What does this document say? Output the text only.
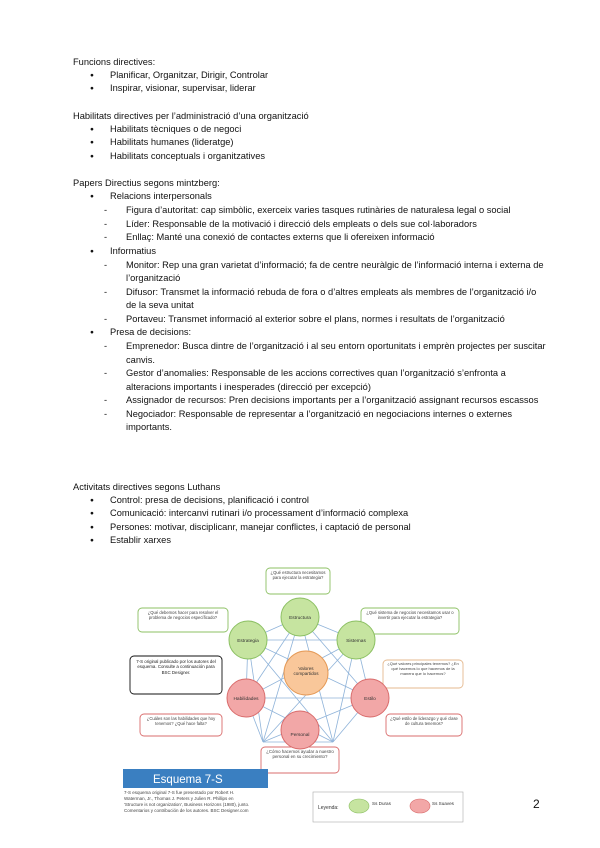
Funcions directives:
● Planificar, Organitzar, Dirigir, Controlar
● Inspirar, visionar, supervisar, liderar
Habilitats directives per l’administració d’una organització
● Habilitats tècniques o de negoci
● Habilitats humanes (lideratge)
● Habilitats conceptuals i organitzatives
Papers Directius segons mintzberg:
● Relacions interpersonals
- Figura d’autoritat: cap simbòlic, exerceix varies tasques rutinàries de naturalesa legal o social
- Líder: Responsable de la motivació i direcció dels empleats o dels sue col·laboradors
- Enllaç: Manté una conexió de contactes externs que li ofereixen informació
● Informatius
- Monitor: Rep una gran varietat d’informació; fa de centre neuràlgic de l’informació interna i externa de l’organització
- Difusor: Transmet la informació rebuda de fora o d’altres empleats als membres de l’organització i/o de la seva unitat
- Portaveu: Transmet informació al exterior sobre el plans, normes i resultats de l’organització
● Presa de decisions:
- Emprenedor: Busca dintre de l’organització i al seu entorn oportunitats i emprèn projectes per suscitar canvis.
- Gestor d’anomalies: Responsable de les accions correctives quan l’organització s’enfronta a alteracions importants i inesperades (direcció per excepció)
- Assignador de recursos: Pren decisions importants per a l’organització assignant recursos escassos
- Negociador: Responsable de representar a l’organització en negociacions internes o externes importants.
Activitats directives segons Luthans
● Control: presa de decisions, planificació i control
● Comunicació: intercanvi rutinari i/o processament d’informació complexa
● Persones: motivar, disciplicanr, manejar conflictes, i captació de personal
● Establir xarxes
¿Qué estructura necesitamos para ejecutar la estrategia?
¿Qué debemos hacer para resolver el problema de negocios específicado?
¿Qué sistema de negocios necesitamos usar o invertir para ejecutar la estrategia?
7-S original publicado por los autores del esquema. Consulte a continuación para BSC Designer.
¿Qué valores principales tenemos? ¿En qué hacemos lo que hacemos de la manera que lo hacemos?
¿Cuáles son las habilidades que hoy tenemos? ¿Qué hace falta?
¿Qué estilo de liderazgo y qué clase de cultura tenemos?
¿Cómo hacemos ayudar a nuestro personal en su crecimiento?
Estructura
Sistemas
Estrategia
Estilo
Habilidades
Personal
Valores compartidos
Esquema 7-S
7-S esquema original 7-S fue presentado por Robert H.
Waterman, Jr., Thomas J. Peters y Julien R. Phillips en
'Structure is not organization', Business Horizons (1980), junto.
Comentarios y contribución de los autores. BSC Designer.com	Leyenda:
Ss Duras	Ss Suaves	2
